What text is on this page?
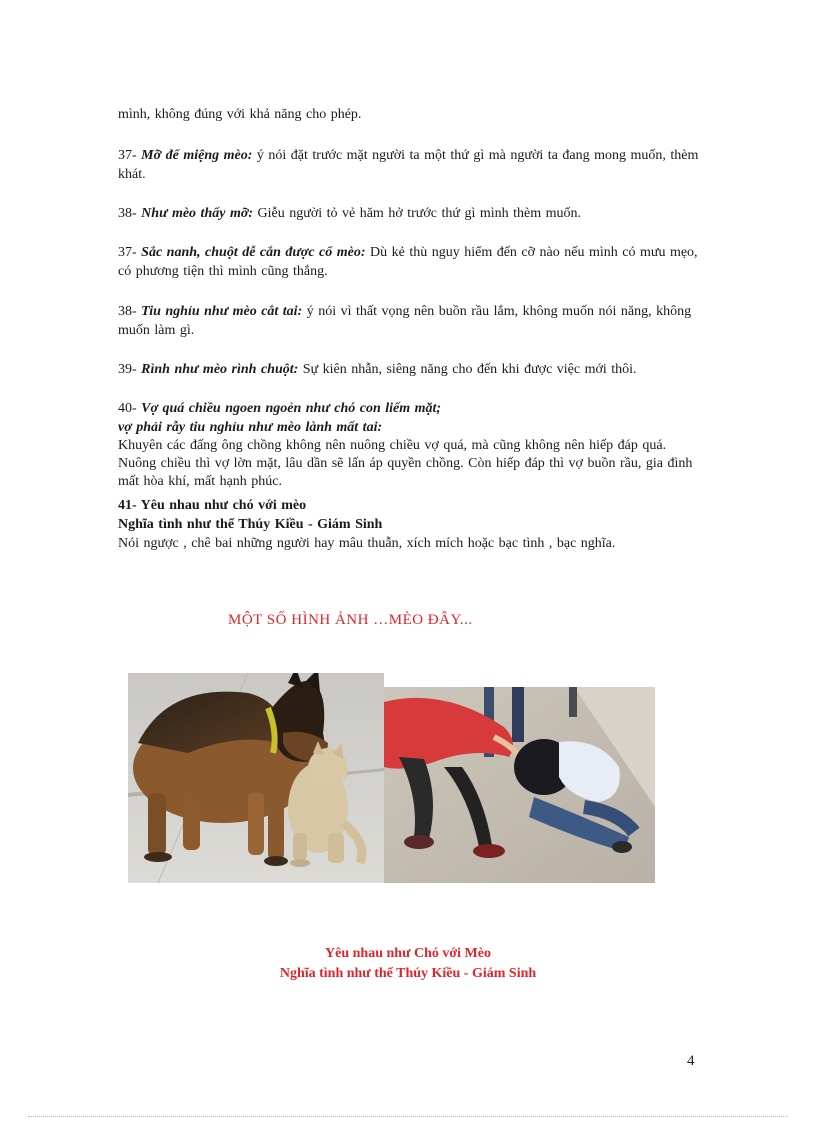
mình, không đúng với khả năng cho phép.
37- Mỡ để miệng mèo: ý nói đặt trước mặt người ta một thứ gì mà người ta đang mong muốn, thèm khát.
38- Như mèo thấy mỡ: Giễu người tỏ vẻ hăm hở trước thứ gì mình thèm muốn.
37- Sắc nanh, chuột dễ cắn được cổ mèo: Dù kẻ thù nguy hiểm đến cỡ nào nếu mình có mưu mẹo, có phương tiện thì mình cũng thắng.
38- Tiu nghỉu như mèo cắt tai: ý nói vì thất vọng nên buồn rầu lắm, không muốn nói năng, không muốn làm gì.
39- Rình như mèo rình chuột: Sự kiên nhẫn, siêng năng cho đến khi được việc mới thôi.
40- Vợ quá chiều ngoen ngoẻn như chó con liếm mặt;
vợ phải rẫy tiu nghỉu như mèo lành mất tai:
Khuyên các đấng ông chồng không nên nuông chiều vợ quá, mà cũng không nên hiếp đáp quá. Nuông chiều thì vợ lờn mặt, lâu dần sẽ lấn áp quyền chồng. Còn hiếp đáp thì vợ buồn rầu, gia đình mất hòa khí, mất hạnh phúc.
41- Yêu nhau như chó với mèo
Nghĩa tình như thể Thúy Kiều - Giám Sinh
Nói ngược , chê bai những người hay mâu thuẫn, xích mích hoặc bạc tình , bạc nghĩa.
MỘT SỐ HÌNH ẢNH …MÈO ĐÂY...
Yêu nhau như Chó với Mèo
Nghĩa tình như thể Thúy Kiều - Giám Sinh
4
